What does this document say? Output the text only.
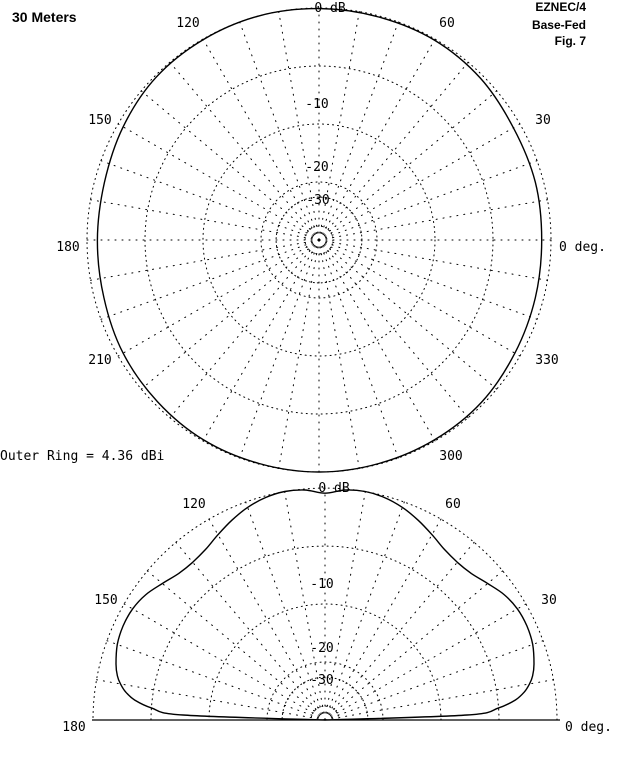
30 Meters
EZNEC/4
Base-Fed
Fig. 7
0 dB
-10
-20
-30
120	60
150	30
180	0 deg.
210	330
300
Outer Ring = 4.36 dBi
0 dB
-10
-20
-30
120	60
150	30
180	0 deg.
